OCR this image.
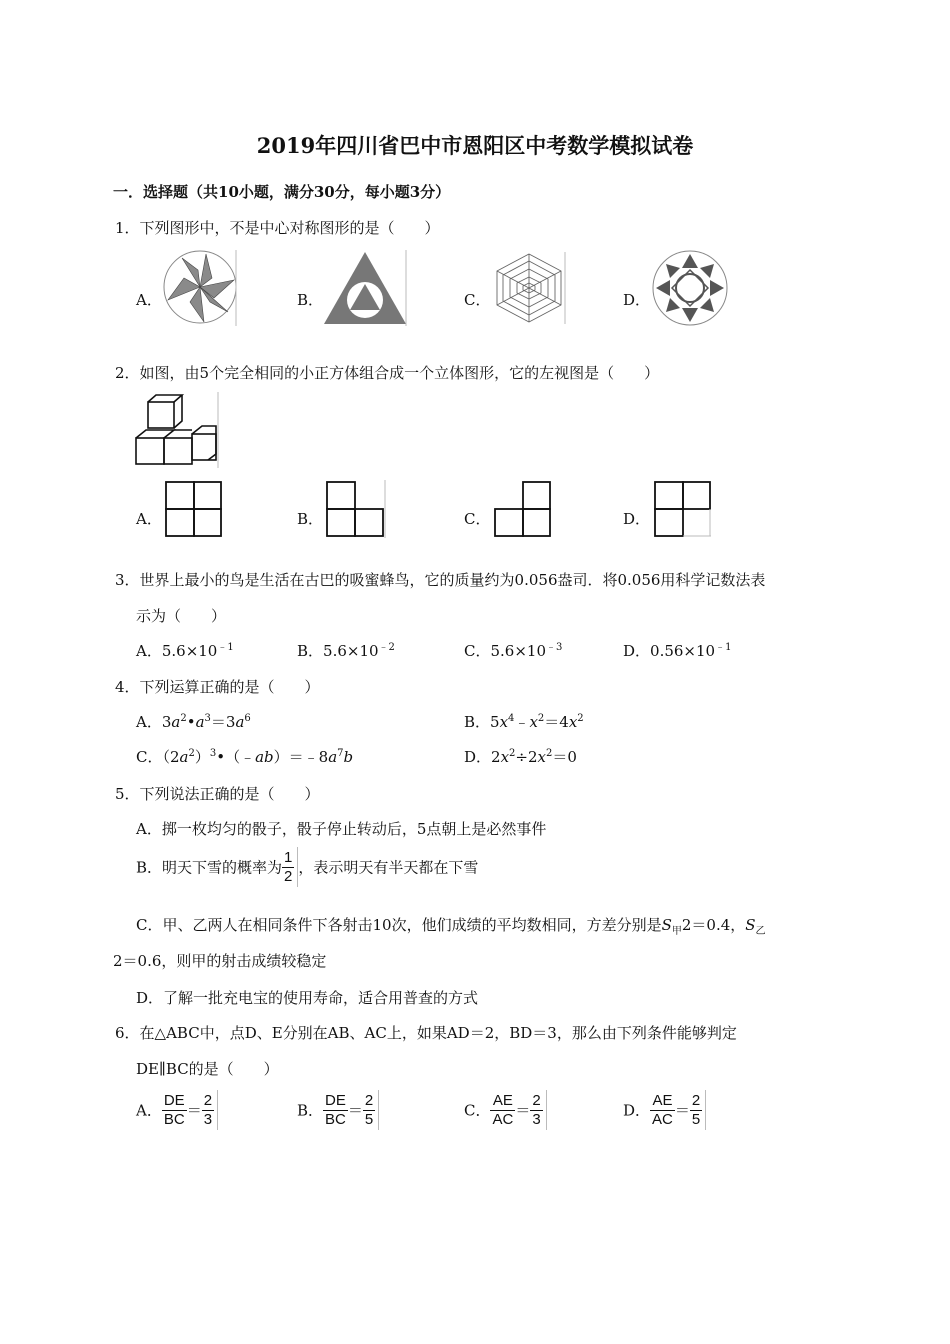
2019年四川省巴中市恩阳区中考数学模拟试卷
一．选择题（共10小题，满分30分，每小题3分）
1．下列图形中，不是中心对称图形的是（　　）
A．	B．	C．	D．
2．如图，由5个完全相同的小正方体组合成一个立体图形，它的左视图是（　　）
A．	B．	C．	D．
3．世界上最小的鸟是生活在古巴的吸蜜蜂鸟，它的质量约为0.056盎司．将0.056用科学记数法表
示为（　　）
A．$5.6\times 10^{﹣1}$	B．$5.6\times 10^{﹣2}$	C．$5.6\times 10^{﹣3}$	D．$0.56\times 10^{﹣1}$
4．下列运算正确的是（　　）
A．$3a^2•a^3=3a^6$	B．$5x^4﹣x^2=4x^2$
C．$(2a^2)^3•(﹣ab)=﹣8a^7b$	D．$2x^2\div 2x^2=0$
5．下列说法正确的是（　　）
A．掷一枚均匀的骰子，骰子停止转动后，5点朝上是必然事件
B．明天下雪的概率为 $\frac{1}{2}$ ，表示明天有半天都在下雪
C．甲、乙两人在相同条件下各射击10次，他们成绩的平均数相同，方差分别是$S_甲2=0.4$，$S_乙$
2＝0.6，则甲的射击成绩较稳定
D．了解一批充电宝的使用寿命，适合用普查的方式
6．在△ABC中，点D、E分别在AB、AC上，如果AD＝2，BD＝3，那么由下列条件能够判定
DE∥BC的是（　　）
A． $\frac{DE}{BC} = \frac{2}{3}$	B． $\frac{DE}{BC} = \frac{2}{5}$	C． $\frac{AE}{AC} = \frac{2}{3}$	D． $\frac{AE}{AC} = \frac{2}{5}$
